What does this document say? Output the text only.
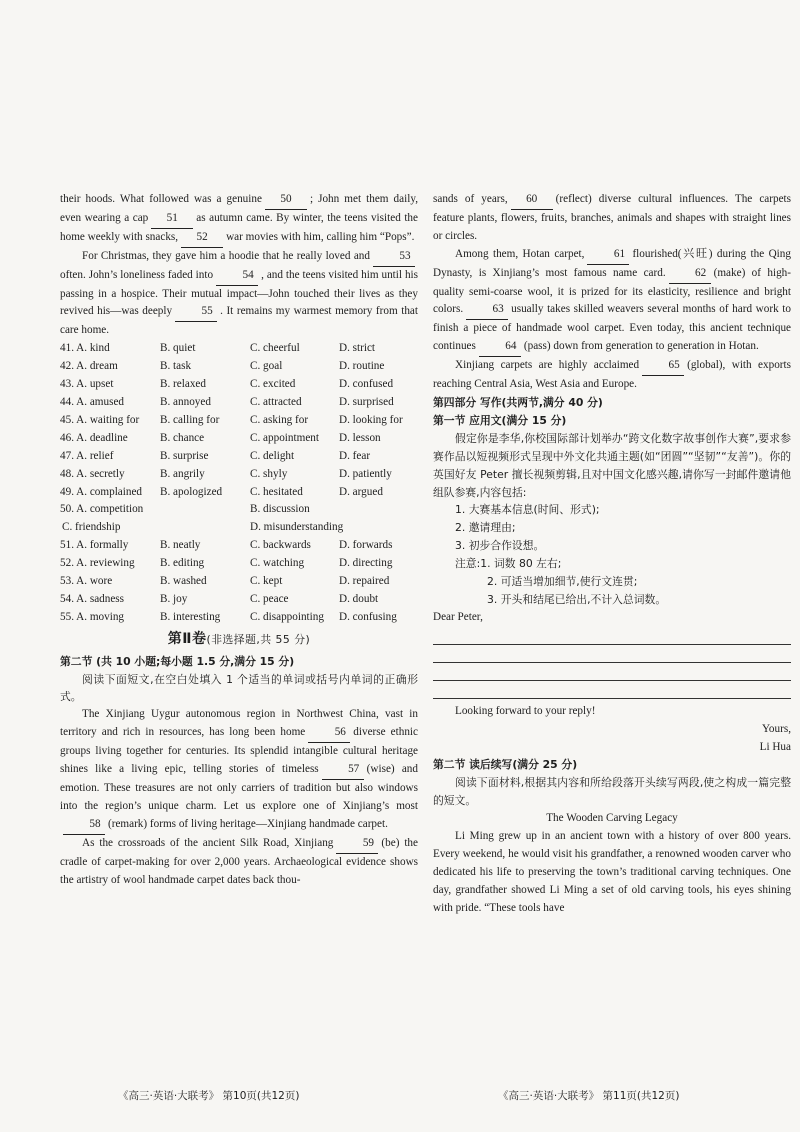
their hoods. What followed was a genuine 50 ; John met them daily, even wearing a cap 51 as autumn came. By winter, the teens visited the home weekly with snacks, 52 war movies with him, calling him “Pops”.

For Christmas, they gave him a hoodie that he really loved and	53often. John’s loneliness faded into	54 , and the teens visited him until his passing in a hospice. Their mutual impact—John touched their lives as they revived his—was deeply	55 . It remains my warmest memory from that care home.

41. A. kind	B. quiet	C. cheerful	D. strict
42. A. dream	B. task	C. goal	D. routine
43. A. upset	B. relaxed	C. excited	D. confused
44. A. amused	B. annoyed	C. attracted	D. surprised
45. A. waiting for	B. calling for	C. asking for	D. looking for
46. A. deadline	B. chance	C. appointment	D. lesson
47. A. relief	B. surprise	C. delight	D. fear
48. A. secretly	B. angrily	C. shyly	D. patiently
49. A. complained	B. apologized	C. hesitated	D. argued
50. A. competition	B. discussion
C. friendship	D. misunderstanding
51. A. formally	B. neatly	C. backwards	D. forwards
52. A. reviewing	B. editing	C. watching	D. directing
53. A. wore	B. washed	C. kept	D. repaired
54. A. sadness	B. joy	C. peace	D. doubt
55. A. moving	B. interesting	C. disappointing	D. confusing
第Ⅱ卷(非选择题,共 55 分)

第二节 (共 10 小题;每小题 1.5 分,满分 15 分)

阅读下面短文,在空白处填入 1 个适当的单词或括号内单词的正确形式。

The Xinjiang Uygur autonomous region in Northwest China, vast in territory and rich in resources, has long been home	56 diverse ethnic groups living together for centuries. Its splendid intangible cultural heritage shines like a living epic, telling stories of timeless	57 (wise) and emotion. These treasures are not only carriers of tradition but also windows into the region’s unique charm. Let us explore one of Xinjiang’s most58 (remark) forms of living heritage—Xinjiang handmade carpet.

As the crossroads of the ancient Silk Road, Xinjiang	59 (be) the cradle of carpet-making for over 2,000 years. Archaeological evidence shows the artistry of wool handmade carpet dates back thou-

sands of years, 60 (reflect) diverse cultural influences. The carpets feature plants, flowers, fruits, branches, animals and shapes with straight lines or circles.

Among them, Hotan carpet,	61 flourished(兴旺) during the Qing Dynasty, is Xinjiang’s most famous name card.	62 (make) of high-quality semi-coarse wool, it is prized for its elasticity, resilience and bright colors.	63 usually takes skilled weavers several months of hard work to finish a piece of handmade wool carpet. Even today, this ancient technique continues	64 (pass) down from generation to generation in Hotan.

Xinjiang carpets are highly acclaimed	65 (global), with exports reaching Central Asia, West Asia and Europe.

第四部分 写作(共两节,满分 40 分)

第一节 应用文(满分 15 分)

假定你是李华,你校国际部计划举办“跨文化数字故事创作大赛”,要求参赛作品以短视频形式呈现中外文化共通主题(如“团圆”“坚韧”“友善”)。你的英国好友 Peter 擅长视频剪辑,且对中国文化感兴趣,请你写一封邮件邀请他组队参赛,内容包括:

1. 大赛基本信息(时间、形式);

2. 邀请理由;

3. 初步合作设想。

注意:1. 词数 80 左右;

2. 可适当增加细节,使行文连贯;

3. 开头和结尾已给出,不计入总词数。

Dear Peter,

Looking forward to your reply!

Yours,

Li Hua

第二节 读后续写(满分 25 分)

阅读下面材料,根据其内容和所给段落开头续写两段,使之构成一篇完整的短文。

The Wooden Carving Legacy

Li Ming grew up in an ancient town with a history of over 800 years. Every weekend, he would visit his grandfather, a renowned wooden carver who dedicated his life to preserving the town’s traditional carving techniques. One day, grandfather showed Li Ming a set of old carving tools, his eyes shining with pride. “These tools have

《高三·英语·大联考》 第10页(共12页)	《高三·英语·大联考》 第11页(共12页)
